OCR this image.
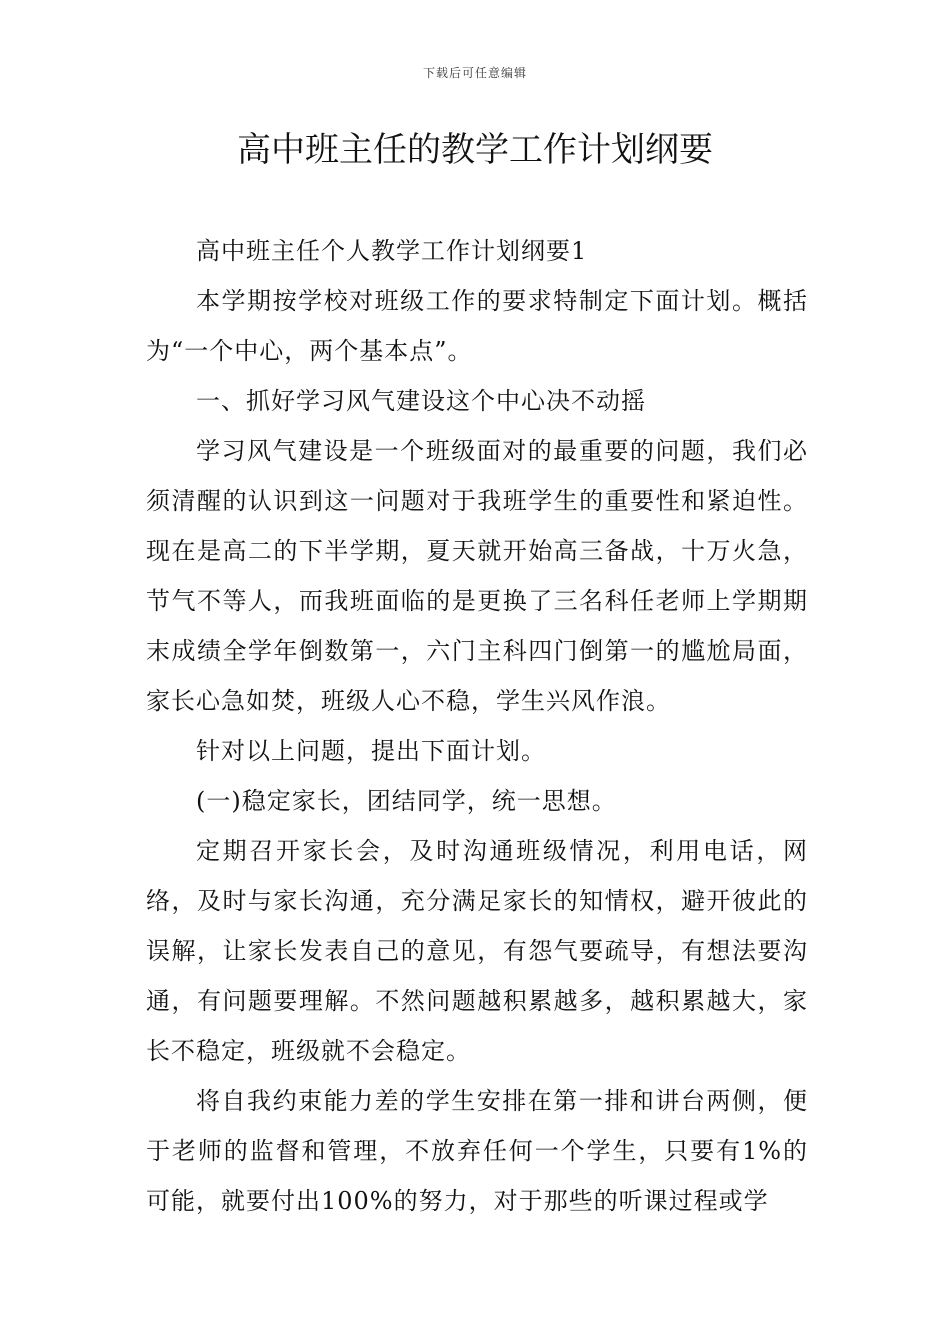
下载后可任意编辑
高中班主任的教学工作计划纲要

高中班主任个人教学工作计划纲要1

本学期按学校对班级工作的要求特制定下面计划。概括为“一个中心，两个基本点”。

一、抓好学习风气建设这个中心决不动摇

学习风气建设是一个班级面对的最重要的问题，我们必须清醒的认识到这一问题对于我班学生的重要性和紧迫性。现在是高二的下半学期，夏天就开始高三备战，十万火急，节气不等人，而我班面临的是更换了三名科任老师上学期期末成绩全学年倒数第一，六门主科四门倒第一的尴尬局面，家长心急如焚，班级人心不稳，学生兴风作浪。

针对以上问题，提出下面计划。

(一)稳定家长，团结同学，统一思想。

定期召开家长会，及时沟通班级情况，利用电话，网络，及时与家长沟通，充分满足家长的知情权，避开彼此的误解，让家长发表自己的意见，有怨气要疏导，有想法要沟通，有问题要理解。不然问题越积累越多，越积累越大，家长不稳定，班级就不会稳定。

将自我约束能力差的学生安排在第一排和讲台两侧，便于老师的监督和管理，不放弃任何一个学生，只要有1%的可能，就要付出100%的努力，对于那些的听课过程或学
